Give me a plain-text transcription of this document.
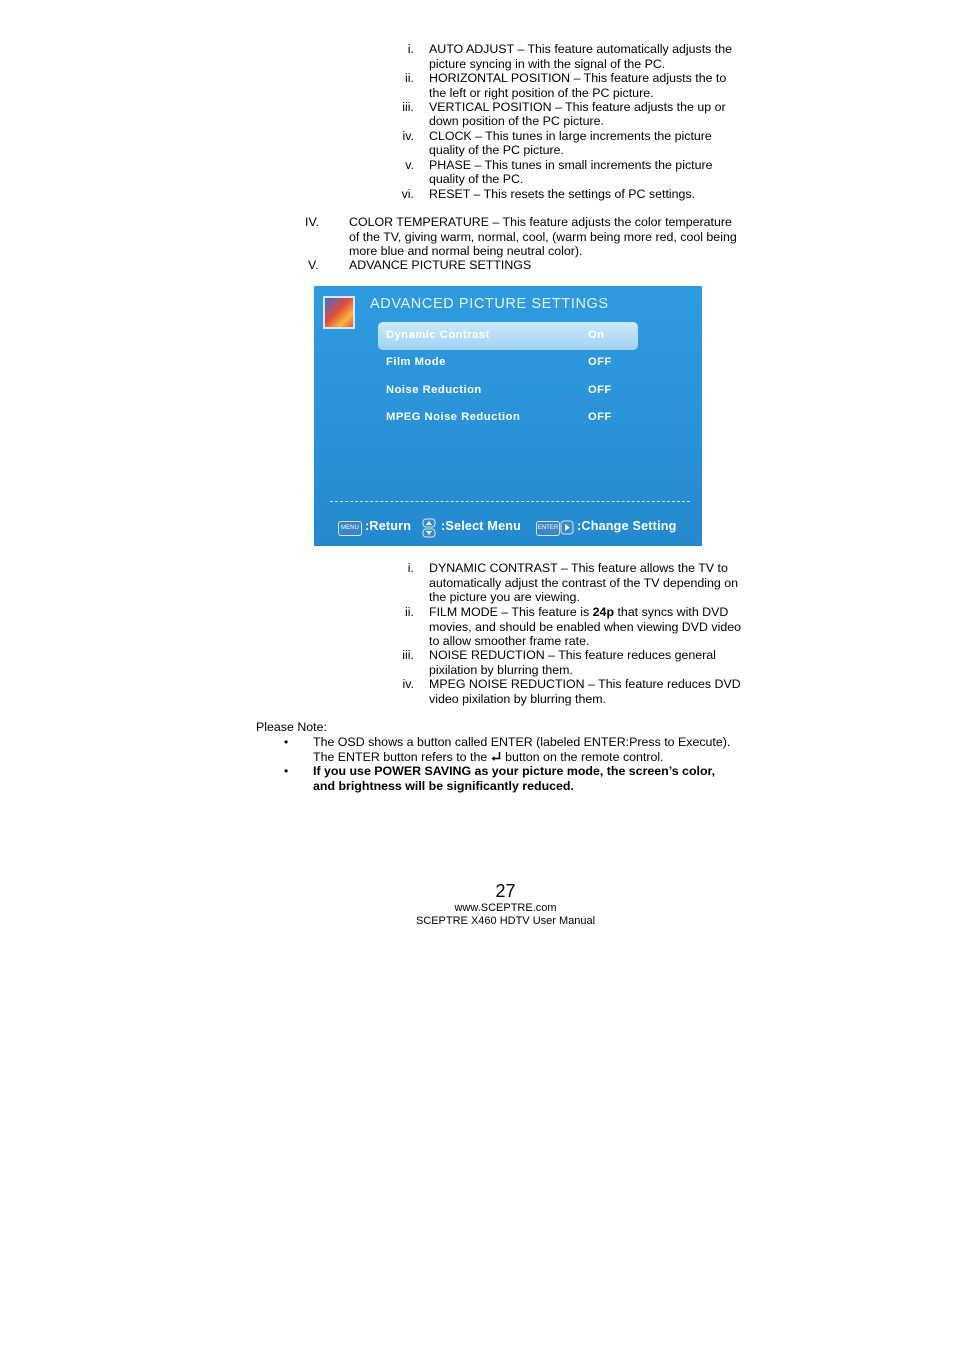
i. AUTO ADJUST – This feature automatically adjusts the
picture syncing in with the signal of the PC.
ii. HORIZONTAL POSITION – This feature adjusts the to
the left or right position of the PC picture.
iii. VERTICAL POSITION – This feature adjusts the up or
down position of the PC picture.
iv. CLOCK – This tunes in large increments the picture
quality of the PC picture.
v. PHASE – This tunes in small increments the picture
quality of the PC.
vi. RESET – This resets the settings of PC settings.
IV. COLOR TEMPERATURE – This feature adjusts the color temperature
of the TV, giving warm, normal, cool, (warm being more red, cool being
more blue and normal being neutral color).
V. ADVANCE PICTURE SETTINGS
ADVANCED PICTURE SETTINGS
Dynamic Contrast	On
Film Mode	OFF
Noise Reduction	OFF
MPEG Noise Reduction	OFF
MENU :Return :Select Menu	ENTER :Change Setting
i. DYNAMIC CONTRAST – This feature allows the TV to
automatically adjust the contrast of the TV depending on
the picture you are viewing.
ii. FILM MODE – This feature is 24p that syncs with DVD
movies, and should be enabled when viewing DVD video
to allow smoother frame rate.
iii. NOISE REDUCTION – This feature reduces general
pixilation by blurring them.
iv. MPEG NOISE REDUCTION – This feature reduces DVD
video pixilation by blurring them.
Please Note:
• The OSD shows a button called ENTER (labeled ENTER:Press to Execute).
The ENTER button refers to the button on the remote control.
• If you use POWER SAVING as your picture mode, the screen’s color,
and brightness will be significantly reduced.
27
www.SCEPTRE.com
SCEPTRE X460 HDTV User Manual
